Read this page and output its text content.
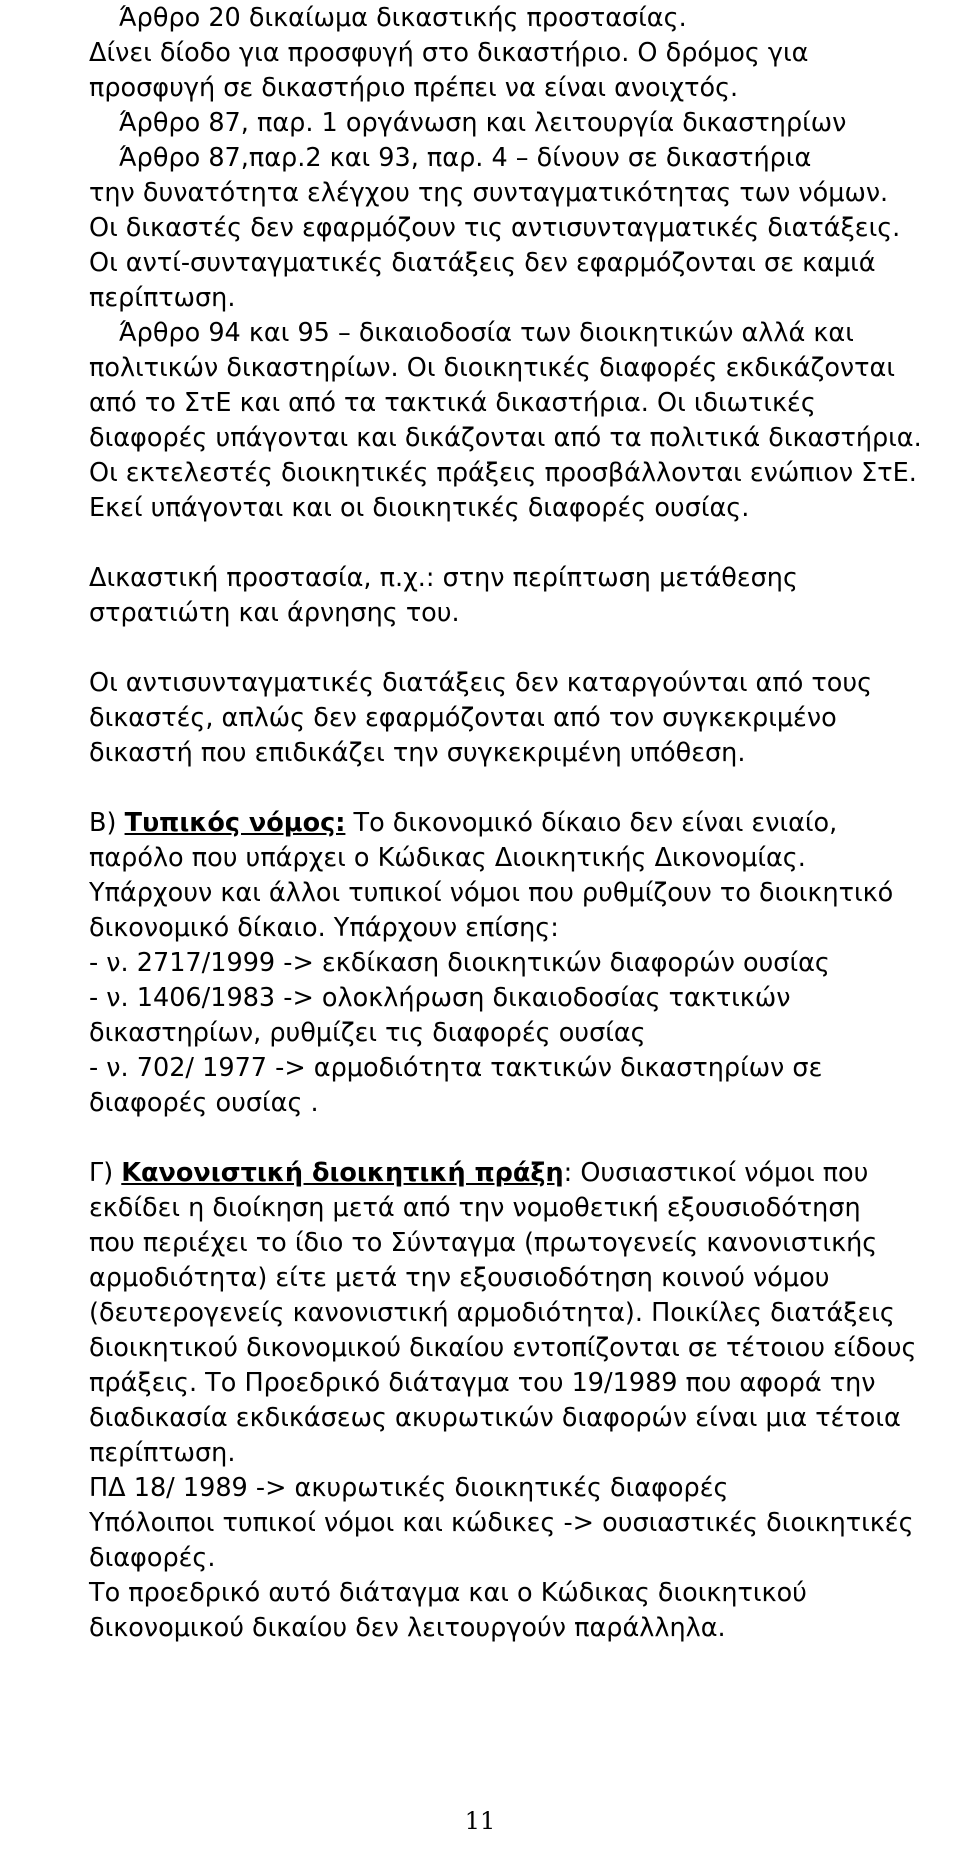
Άρθρο 20 δικαίωμα δικαστικής προστασίας.
Δίνει δίοδο για προσφυγή στο δικαστήριο. Ο δρόμος για
προσφυγή σε δικαστήριο πρέπει να είναι ανοιχτός.
Άρθρο 87, παρ. 1 οργάνωση και λειτουργία δικαστηρίων
Άρθρο 87,παρ.2 και 93, παρ. 4 – δίνουν σε δικαστήρια
την δυνατότητα ελέγχου της συνταγματικότητας των νόμων.
Οι δικαστές δεν εφαρμόζουν τις αντισυνταγματικές διατάξεις.
Οι αντί-συνταγματικές διατάξεις δεν εφαρμόζονται σε καμιά
περίπτωση.
Άρθρο 94 και 95 – δικαιοδοσία των διοικητικών αλλά και
πολιτικών δικαστηρίων. Οι διοικητικές διαφορές εκδικάζονται
από το ΣτΕ και από τα τακτικά δικαστήρια. Οι ιδιωτικές
διαφορές υπάγονται και δικάζονται από τα πολιτικά δικαστήρια.
Οι εκτελεστές διοικητικές πράξεις προσβάλλονται ενώπιον ΣτΕ.
Εκεί υπάγονται και οι διοικητικές διαφορές ουσίας.
Δικαστική προστασία, π.χ.: στην περίπτωση μετάθεσης
στρατιώτη και άρνησης του.
Οι αντισυνταγματικές διατάξεις δεν καταργούνται από τους
δικαστές, απλώς δεν εφαρμόζονται από τον συγκεκριμένο
δικαστή που επιδικάζει την συγκεκριμένη υπόθεση.
Β) Τυπικός νόμος: Το δικονομικό δίκαιο δεν είναι ενιαίο,
παρόλο που υπάρχει ο Κώδικας Διοικητικής Δικονομίας.
Υπάρχουν και άλλοι τυπικοί νόμοι που ρυθμίζουν το διοικητικό
δικονομικό δίκαιο. Υπάρχουν επίσης:
- ν. 2717/1999 -> εκδίκαση διοικητικών διαφορών ουσίας
- ν. 1406/1983 -> ολοκλήρωση δικαιοδοσίας τακτικών
δικαστηρίων, ρυθμίζει τις διαφορές ουσίας
- ν. 702/ 1977 -> αρμοδιότητα τακτικών δικαστηρίων σε
διαφορές ουσίας .
Γ) Κανονιστική διοικητική πράξη: Ουσιαστικοί νόμοι που
εκδίδει η διοίκηση μετά από την νομοθετική εξουσιοδότηση
που περιέχει το ίδιο το Σύνταγμα (πρωτογενείς κανονιστικής
αρμοδιότητα) είτε μετά την εξουσιοδότηση κοινού νόμου
(δευτερογενείς κανονιστική αρμοδιότητα). Ποικίλες διατάξεις
διοικητικού δικονομικού δικαίου εντοπίζονται σε τέτοιου είδους
πράξεις. Το Προεδρικό διάταγμα του 19/1989 που αφορά την
διαδικασία εκδικάσεως ακυρωτικών διαφορών είναι μια τέτοια
περίπτωση.
ΠΔ 18/ 1989 -> ακυρωτικές διοικητικές διαφορές
Υπόλοιποι τυπικοί νόμοι και κώδικες -> ουσιαστικές διοικητικές
διαφορές.
Το προεδρικό αυτό διάταγμα και ο Κώδικας διοικητικού
δικονομικού δικαίου δεν λειτουργούν παράλληλα.
11
